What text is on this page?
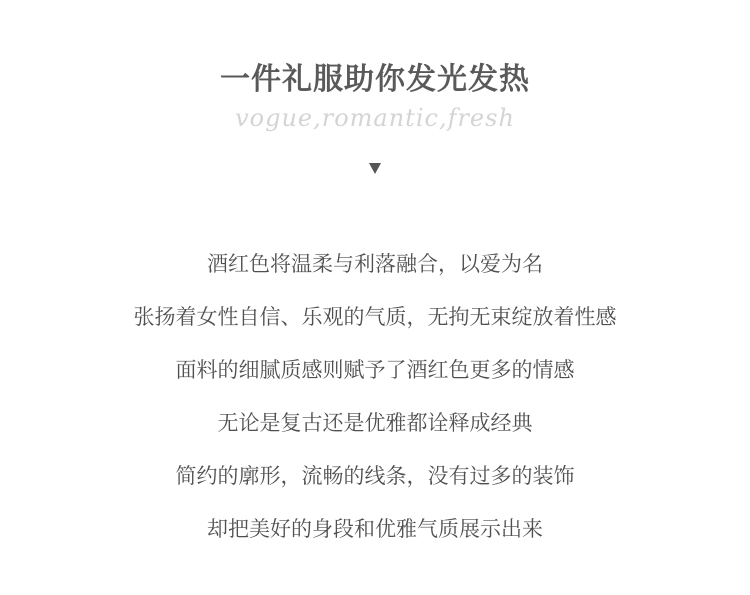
一件礼服助你发光发热
vogue,romantic,fresh
酒红色将温柔与利落融合，以爱为名
张扬着女性自信、乐观的气质，无拘无束绽放着性感
面料的细腻质感则赋予了酒红色更多的情感
无论是复古还是优雅都诠释成经典
简约的廓形，流畅的线条，没有过多的装饰
却把美好的身段和优雅气质展示出来
